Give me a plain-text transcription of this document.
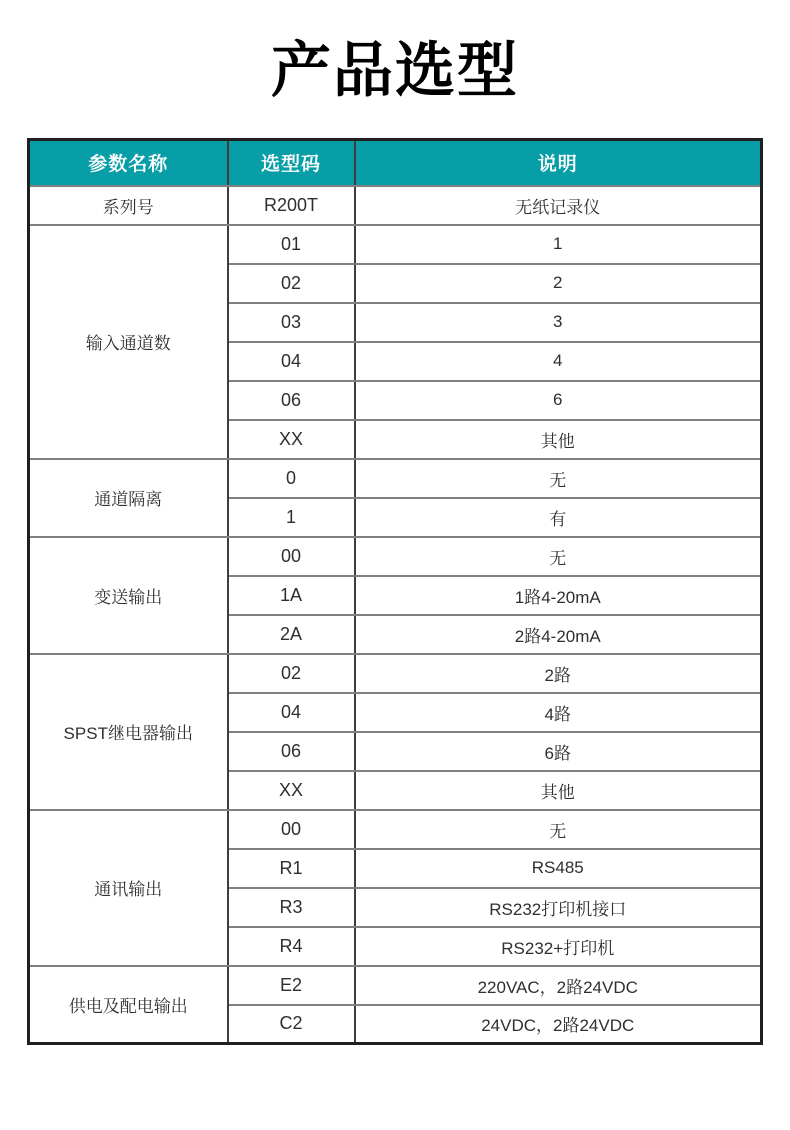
产品选型
参数名称	选型码	说明
系列号	R200T	无纸记录仪
输入通道数	01	1
	02	2
	03	3
	04	4
	06	6
	XX	其他
通道隔离	0	无
	1	有
变送输出	00	无
	1A	1路4-20mA
	2A	2路4-20mA
SPST继电器输出	02	2路
	04	4路
	06	6路
	XX	其他
通讯输出	00	无
	R1	RS485
	R3	RS232打印机接口
	R4	RS232+打印机
供电及配电输出	E2	220VAC，2路24VDC
	C2	24VDC，2路24VDC
